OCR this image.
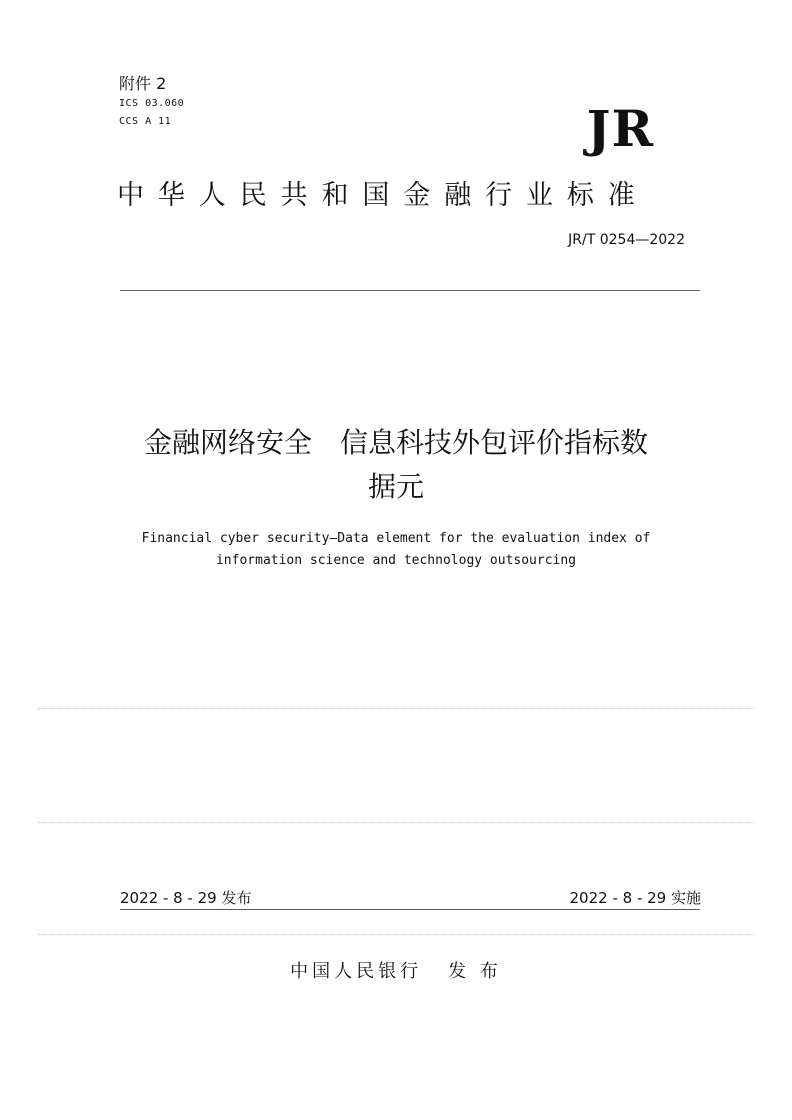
附件 2
ICS 03.060
CCS A 11	JR
中华人民共和国金融行业标准
JR/T 0254—2022
金融网络安全　信息科技外包评价指标数
据元
Financial cyber security—Data element for the evaluation index of
information science and technology outsourcing
2022 - 8 - 29 发布	2022 - 8 - 29 实施
中国人民银行 发 布
